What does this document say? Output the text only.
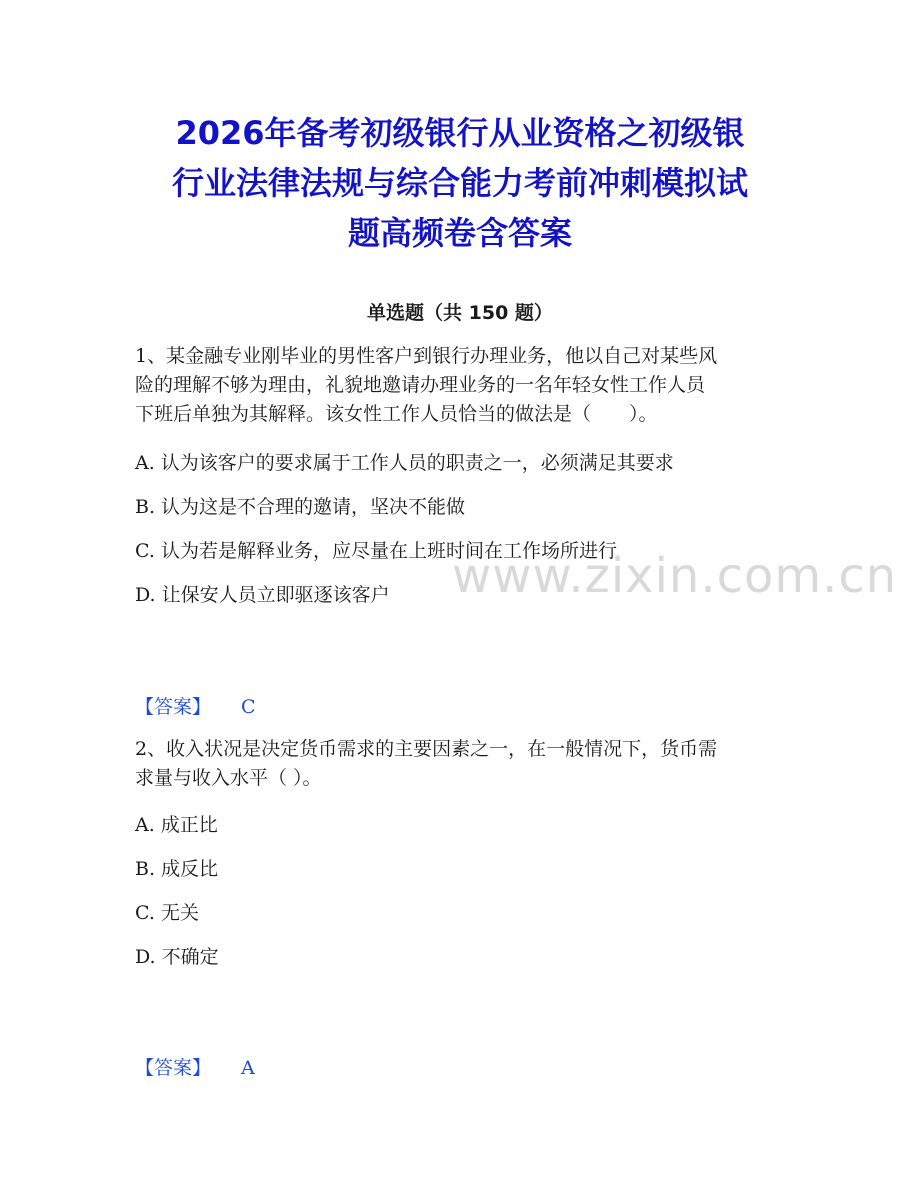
2026年备考初级银行从业资格之初级银
行业法律法规与综合能力考前冲刺模拟试
题高频卷含答案
单选题（共 150 题）
1、某金融专业刚毕业的男性客户到银行办理业务，他以自己对某些风
险的理解不够为理由，礼貌地邀请办理业务的一名年轻女性工作人员
下班后单独为其解释。该女性工作人员恰当的做法是（　　）。
A. 认为该客户的要求属于工作人员的职责之一，必须满足其要求
B. 认为这是不合理的邀请，坚决不能做
C. 认为若是解释业务，应尽量在上班时间在工作场所进行
D. 让保安人员立即驱逐该客户 www.zixin.com.cn
【答案】 C
2、收入状况是决定货币需求的主要因素之一，在一般情况下，货币需
求量与收入水平（ ）。
A. 成正比
B. 成反比
C. 无关
D. 不确定
【答案】 A
